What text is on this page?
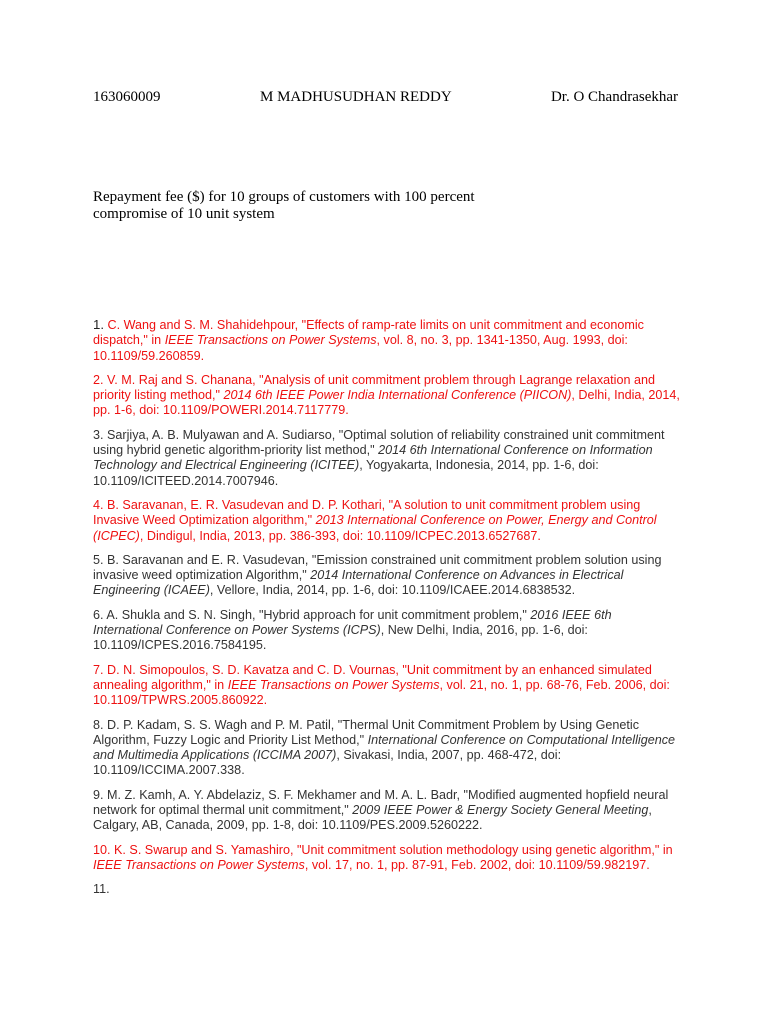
163060009	M MADHUSUDHAN REDDY	Dr. O Chandrasekhar

Repayment fee ($) for 10 groups of customers with 100 percent compromise of 10 unit system

1. C. Wang and S. M. Shahidehpour, "Effects of ramp-rate limits on unit commitment and economic dispatch," in IEEE Transactions on Power Systems, vol. 8, no. 3, pp. 1341-1350, Aug. 1993, doi: 10.1109/59.260859.
2. V. M. Raj and S. Chanana, "Analysis of unit commitment problem through Lagrange relaxation and priority listing method," 2014 6th IEEE Power India International Conference (PIICON), Delhi, India, 2014, pp. 1-6, doi: 10.1109/POWERI.2014.7117779.
3. Sarjiya, A. B. Mulyawan and A. Sudiarso, "Optimal solution of reliability constrained unit commitment using hybrid genetic algorithm-priority list method," 2014 6th International Conference on Information Technology and Electrical Engineering (ICITEE), Yogyakarta, Indonesia, 2014, pp. 1-6, doi: 10.1109/ICITEED.2014.7007946.
4. B. Saravanan, E. R. Vasudevan and D. P. Kothari, "A solution to unit commitment problem using Invasive Weed Optimization algorithm," 2013 International Conference on Power, Energy and Control (ICPEC), Dindigul, India, 2013, pp. 386-393, doi: 10.1109/ICPEC.2013.6527687.
5. B. Saravanan and E. R. Vasudevan, "Emission constrained unit commitment problem solution using invasive weed optimization Algorithm," 2014 International Conference on Advances in Electrical Engineering (ICAEE), Vellore, India, 2014, pp. 1-6, doi: 10.1109/ICAEE.2014.6838532.
6. A. Shukla and S. N. Singh, "Hybrid approach for unit commitment problem," 2016 IEEE 6th International Conference on Power Systems (ICPS), New Delhi, India, 2016, pp. 1-6, doi: 10.1109/ICPES.2016.7584195.
7. D. N. Simopoulos, S. D. Kavatza and C. D. Vournas, "Unit commitment by an enhanced simulated annealing algorithm," in IEEE Transactions on Power Systems, vol. 21, no. 1, pp. 68-76, Feb. 2006, doi: 10.1109/TPWRS.2005.860922.
8. D. P. Kadam, S. S. Wagh and P. M. Patil, "Thermal Unit Commitment Problem by Using Genetic Algorithm, Fuzzy Logic and Priority List Method," International Conference on Computational Intelligence and Multimedia Applications (ICCIMA 2007), Sivakasi, India, 2007, pp. 468-472, doi: 10.1109/ICCIMA.2007.338.
9. M. Z. Kamh, A. Y. Abdelaziz, S. F. Mekhamer and M. A. L. Badr, "Modified augmented hopfield neural network for optimal thermal unit commitment," 2009 IEEE Power & Energy Society General Meeting, Calgary, AB, Canada, 2009, pp. 1-8, doi: 10.1109/PES.2009.5260222.
10. K. S. Swarup and S. Yamashiro, "Unit commitment solution methodology using genetic algorithm," in IEEE Transactions on Power Systems, vol. 17, no. 1, pp. 87-91, Feb. 2002, doi: 10.1109/59.982197.
11.
